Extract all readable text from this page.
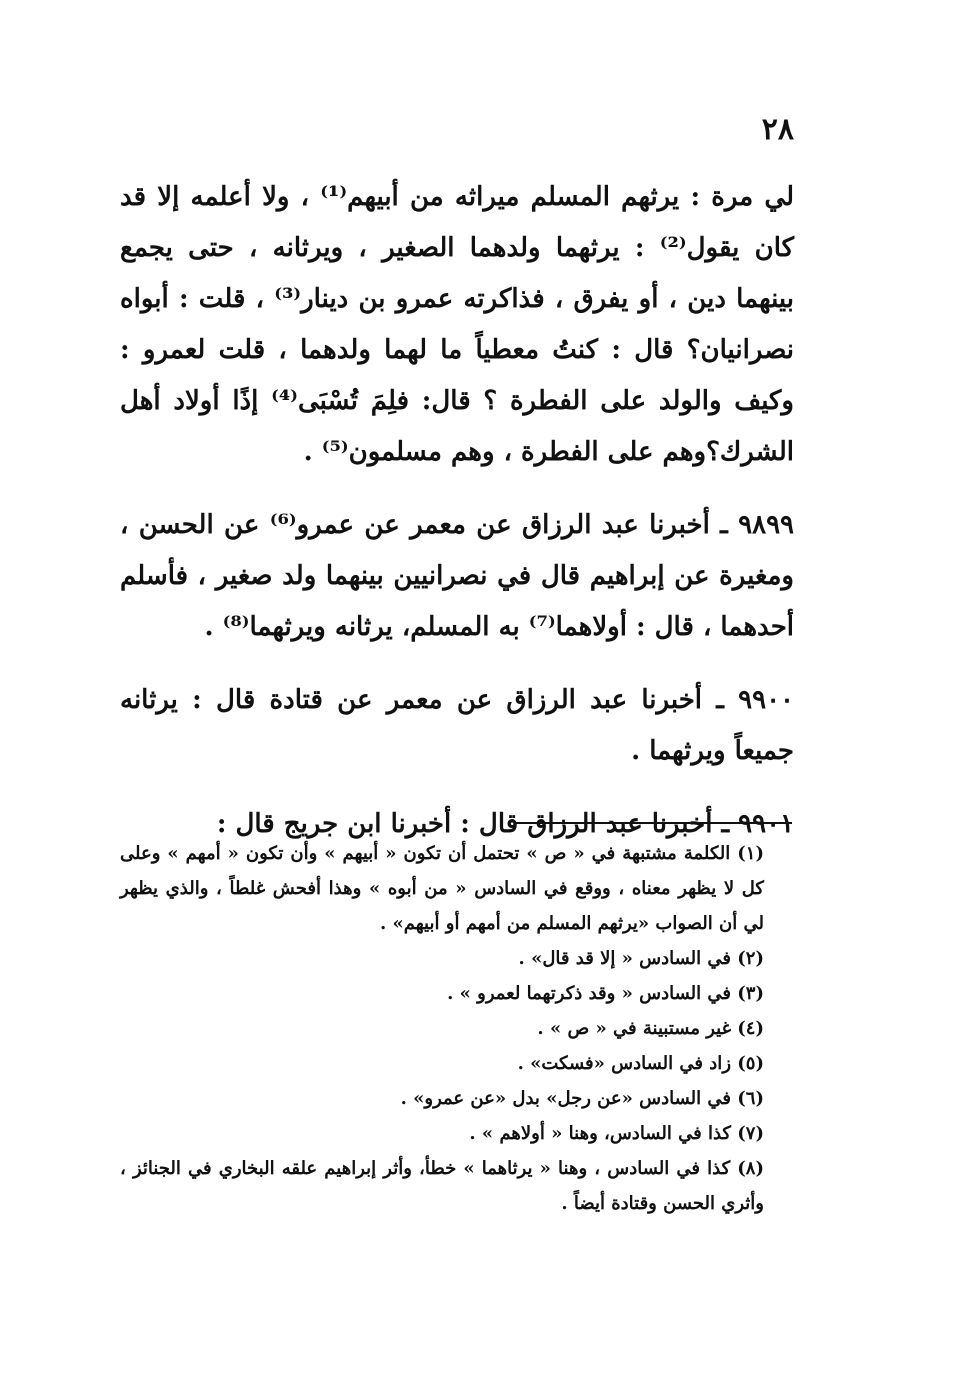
٢٨

لي مرة : يرثهم المسلم ميراثه من أبيهم⁽¹⁾ ، ولا أعلمه إلا قد كان يقول⁽²⁾ : يرثهما ولدهما الصغير ، ويرثانه ، حتى يجمع بينهما دين ، أو يفرق ، فذاكرته عمرو بن دينار⁽³⁾ ، قلت : أبواه نصرانيان؟ قال : كنتُ معطياً ما لهما ولدهما ، قلت لعمرو : وكيف والولد على الفطرة ؟ قال: فلِمَ تُسْبَى⁽⁴⁾ إذًا أولاد أهل الشرك؟وهم على الفطرة ، وهم مسلمون⁽⁵⁾ .

٩٨٩٩ ـ أخبرنا عبد الرزاق عن معمر عن عمرو⁽⁶⁾ عن الحسن ، ومغيرة عن إبراهيم قال في نصرانيين بينهما ولد صغير ، فأسلم أحدهما ، قال : أولاهما⁽⁷⁾ به المسلم، يرثانه ويرثهما⁽⁸⁾ .

٩٩٠٠ ـ أخبرنا عبد الرزاق عن معمر عن قتادة قال : يرثانه جميعاً ويرثهما .

٩٩٠١ ـ أخبرنا عبد الرزاق قال : أخبرنا ابن جريج قال :

(١) الكلمة مشتبهة في « ص » تحتمل أن تكون « أبيهم » وأن تكون « أمهم » وعلى كل لا يظهر معناه ، ووقع في السادس « من أبوه » وهذا أفحش غلطاً ، والذي يظهر لي أن الصواب «يرثهم المسلم من أمهم أو أبيهم» .

(٢) في السادس « إلا قد قال» .

(٣) في السادس « وقد ذكرتهما لعمرو » .

(٤) غير مستبينة في « ص » .

(٥) زاد في السادس «فسكت» .

(٦) في السادس «عن رجل» بدل «عن عمرو» .

(٧) كذا في السادس، وهنا « أولاهم » .

(٨) كذا في السادس ، وهنا « يرثاهما » خطأ، وأثر إبراهيم علقه البخاري في الجنائز ، وأثري الحسن وقتادة أيضاً .
